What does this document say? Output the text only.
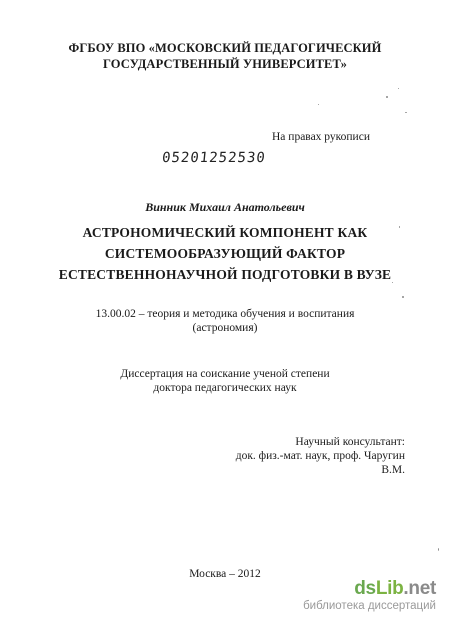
ФГБОУ ВПО «МОСКОВСКИЙ ПЕДАГОГИЧЕСКИЙ
ГОСУДАРСТВЕННЫЙ УНИВЕРСИТЕТ»
На правах рукописи
05201252530
Винник Михаил Анатольевич
АСТРОНОМИЧЕСКИЙ КОМПОНЕНТ КАК
СИСТЕМООБРАЗУЮЩИЙ ФАКТОР
ЕСТЕСТВЕННОНАУЧНОЙ ПОДГОТОВКИ В ВУЗЕ
13.00.02 – теория и методика обучения и воспитания
(астрономия)
Диссертация на соискание ученой степени
доктора педагогических наук
Научный консультант:
док. физ.-мат. наук, проф. Чаругин В.М.
Москва – 2012
dsLib.net
библиотека диссертаций
